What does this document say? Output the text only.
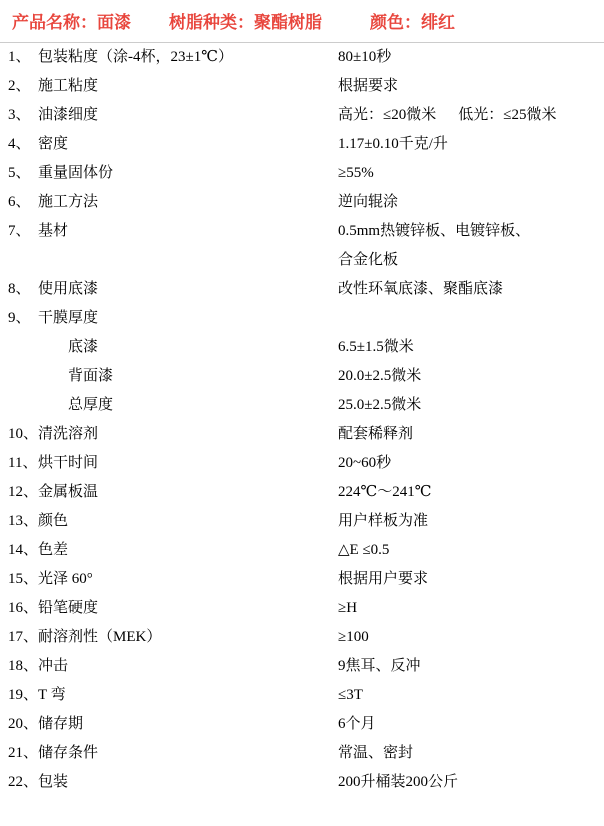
产品名称： 面漆 树脂种类： 聚酯树脂	颜色： 绯红
1、 包装粘度（涂-4杯，23±1℃）	80±10秒
2、 施工粘度	根据要求
3、 油漆细度	高光：≤20微米 低光：≤25微米
4、 密度	1.17±0.10千克/升
5、 重量固体份	≥55%
6、 施工方法	逆向辊涂
7、 基材	0.5mm热镀锌板、电镀锌板、
合金化板
8、 使用底漆	改性环氧底漆、聚酯底漆
9、 干膜厚度
底漆	6.5±1.5微米
背面漆	20.0±2.5微米
总厚度	25.0±2.5微米
10、清洗溶剂	配套稀释剂
11、烘干时间	20~60秒
12、金属板温	224℃～241℃
13、颜色	用户样板为准
14、色差	△E ≤0.5
15、光泽 60°	根据用户要求
16、铅笔硬度	≥H
17、耐溶剂性（MEK）	≥100
18、冲击	9焦耳、反冲
19、T 弯	≤3T
20、储存期	6个月
21、储存条件	常温、密封
22、包装	200升桶装200公斤
